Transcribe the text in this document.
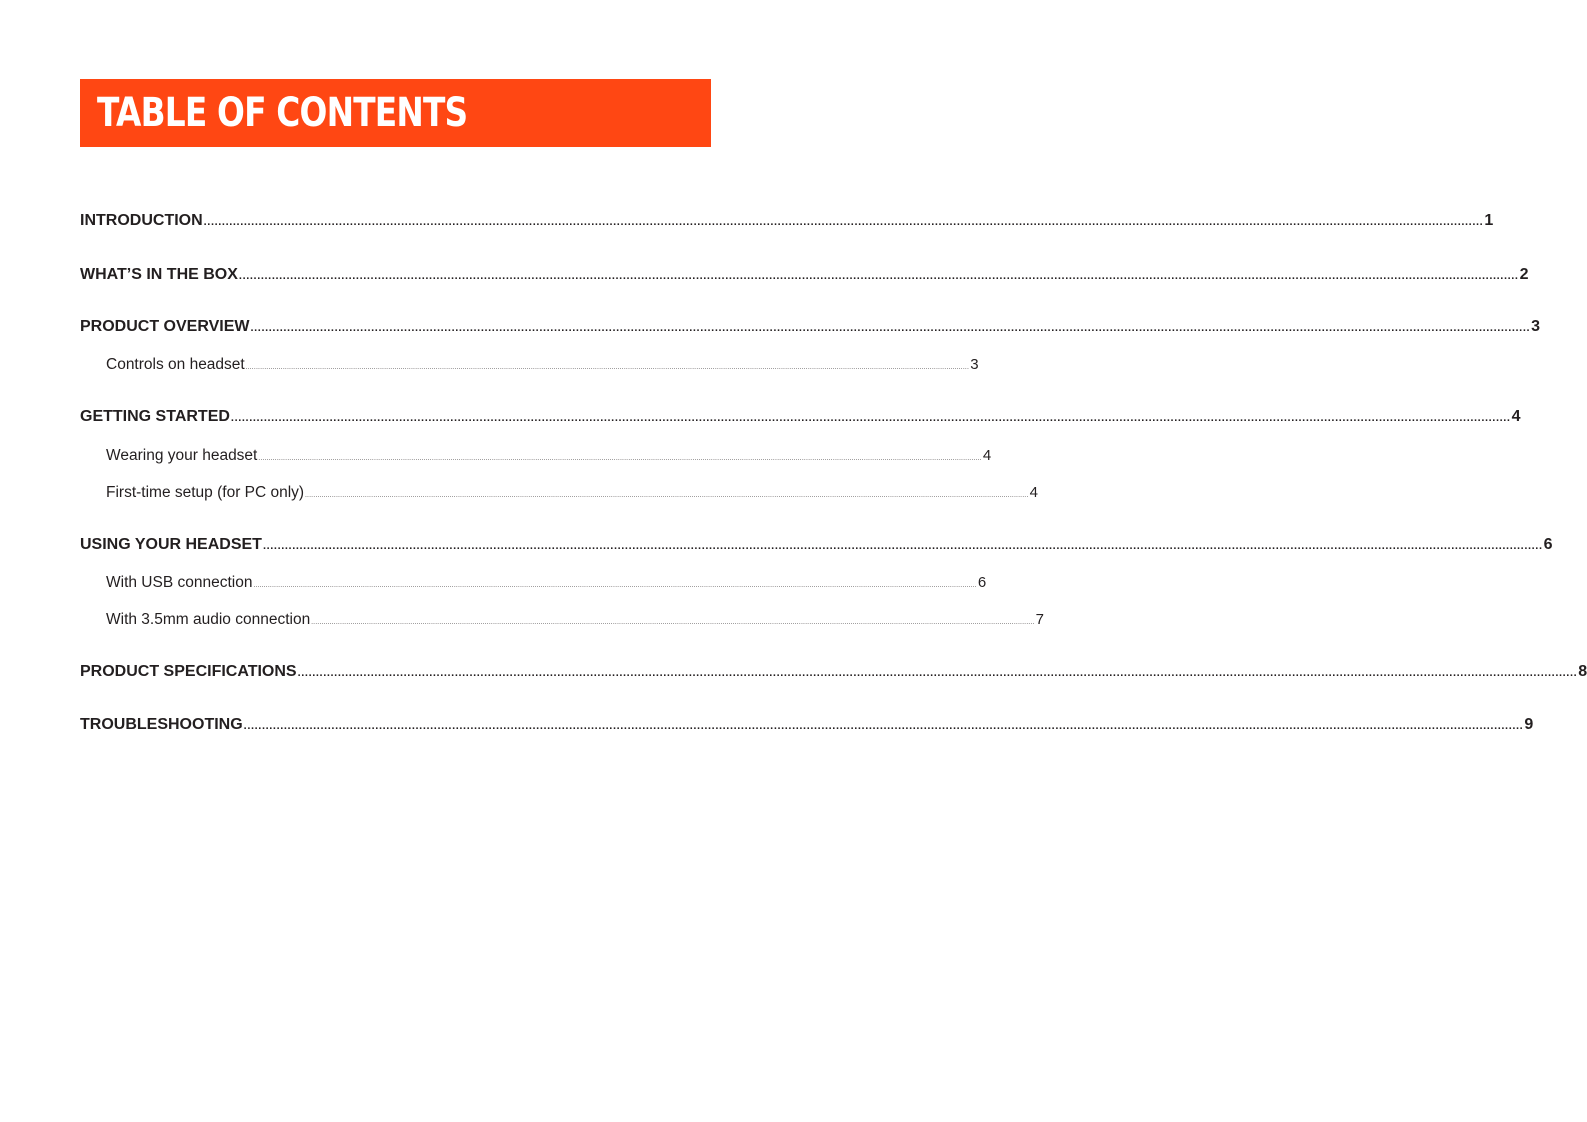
TABLE OF CONTENTS
INTRODUCTION .............................................................................................................................................................................................................................................................................................................................................................. 1
WHAT’S IN THE BOX .............................................................................................................................................................................................................................................................................................................................................................. 2
PRODUCT OVERVIEW .............................................................................................................................................................................................................................................................................................................................................................. 3
Controls on headset .............................................................................................................................................................................................................................................................................................................................................................. 3
GETTING STARTED .............................................................................................................................................................................................................................................................................................................................................................. 4
Wearing your headset .............................................................................................................................................................................................................................................................................................................................................................. 4
First-time setup (for PC only) .............................................................................................................................................................................................................................................................................................................................................................. 4
USING YOUR HEADSET .............................................................................................................................................................................................................................................................................................................................................................. 6
With USB connection .............................................................................................................................................................................................................................................................................................................................................................. 6
With 3.5mm audio connection .............................................................................................................................................................................................................................................................................................................................................................. 7
PRODUCT SPECIFICATIONS .............................................................................................................................................................................................................................................................................................................................................................. 8
TROUBLESHOOTING .............................................................................................................................................................................................................................................................................................................................................................. 9
